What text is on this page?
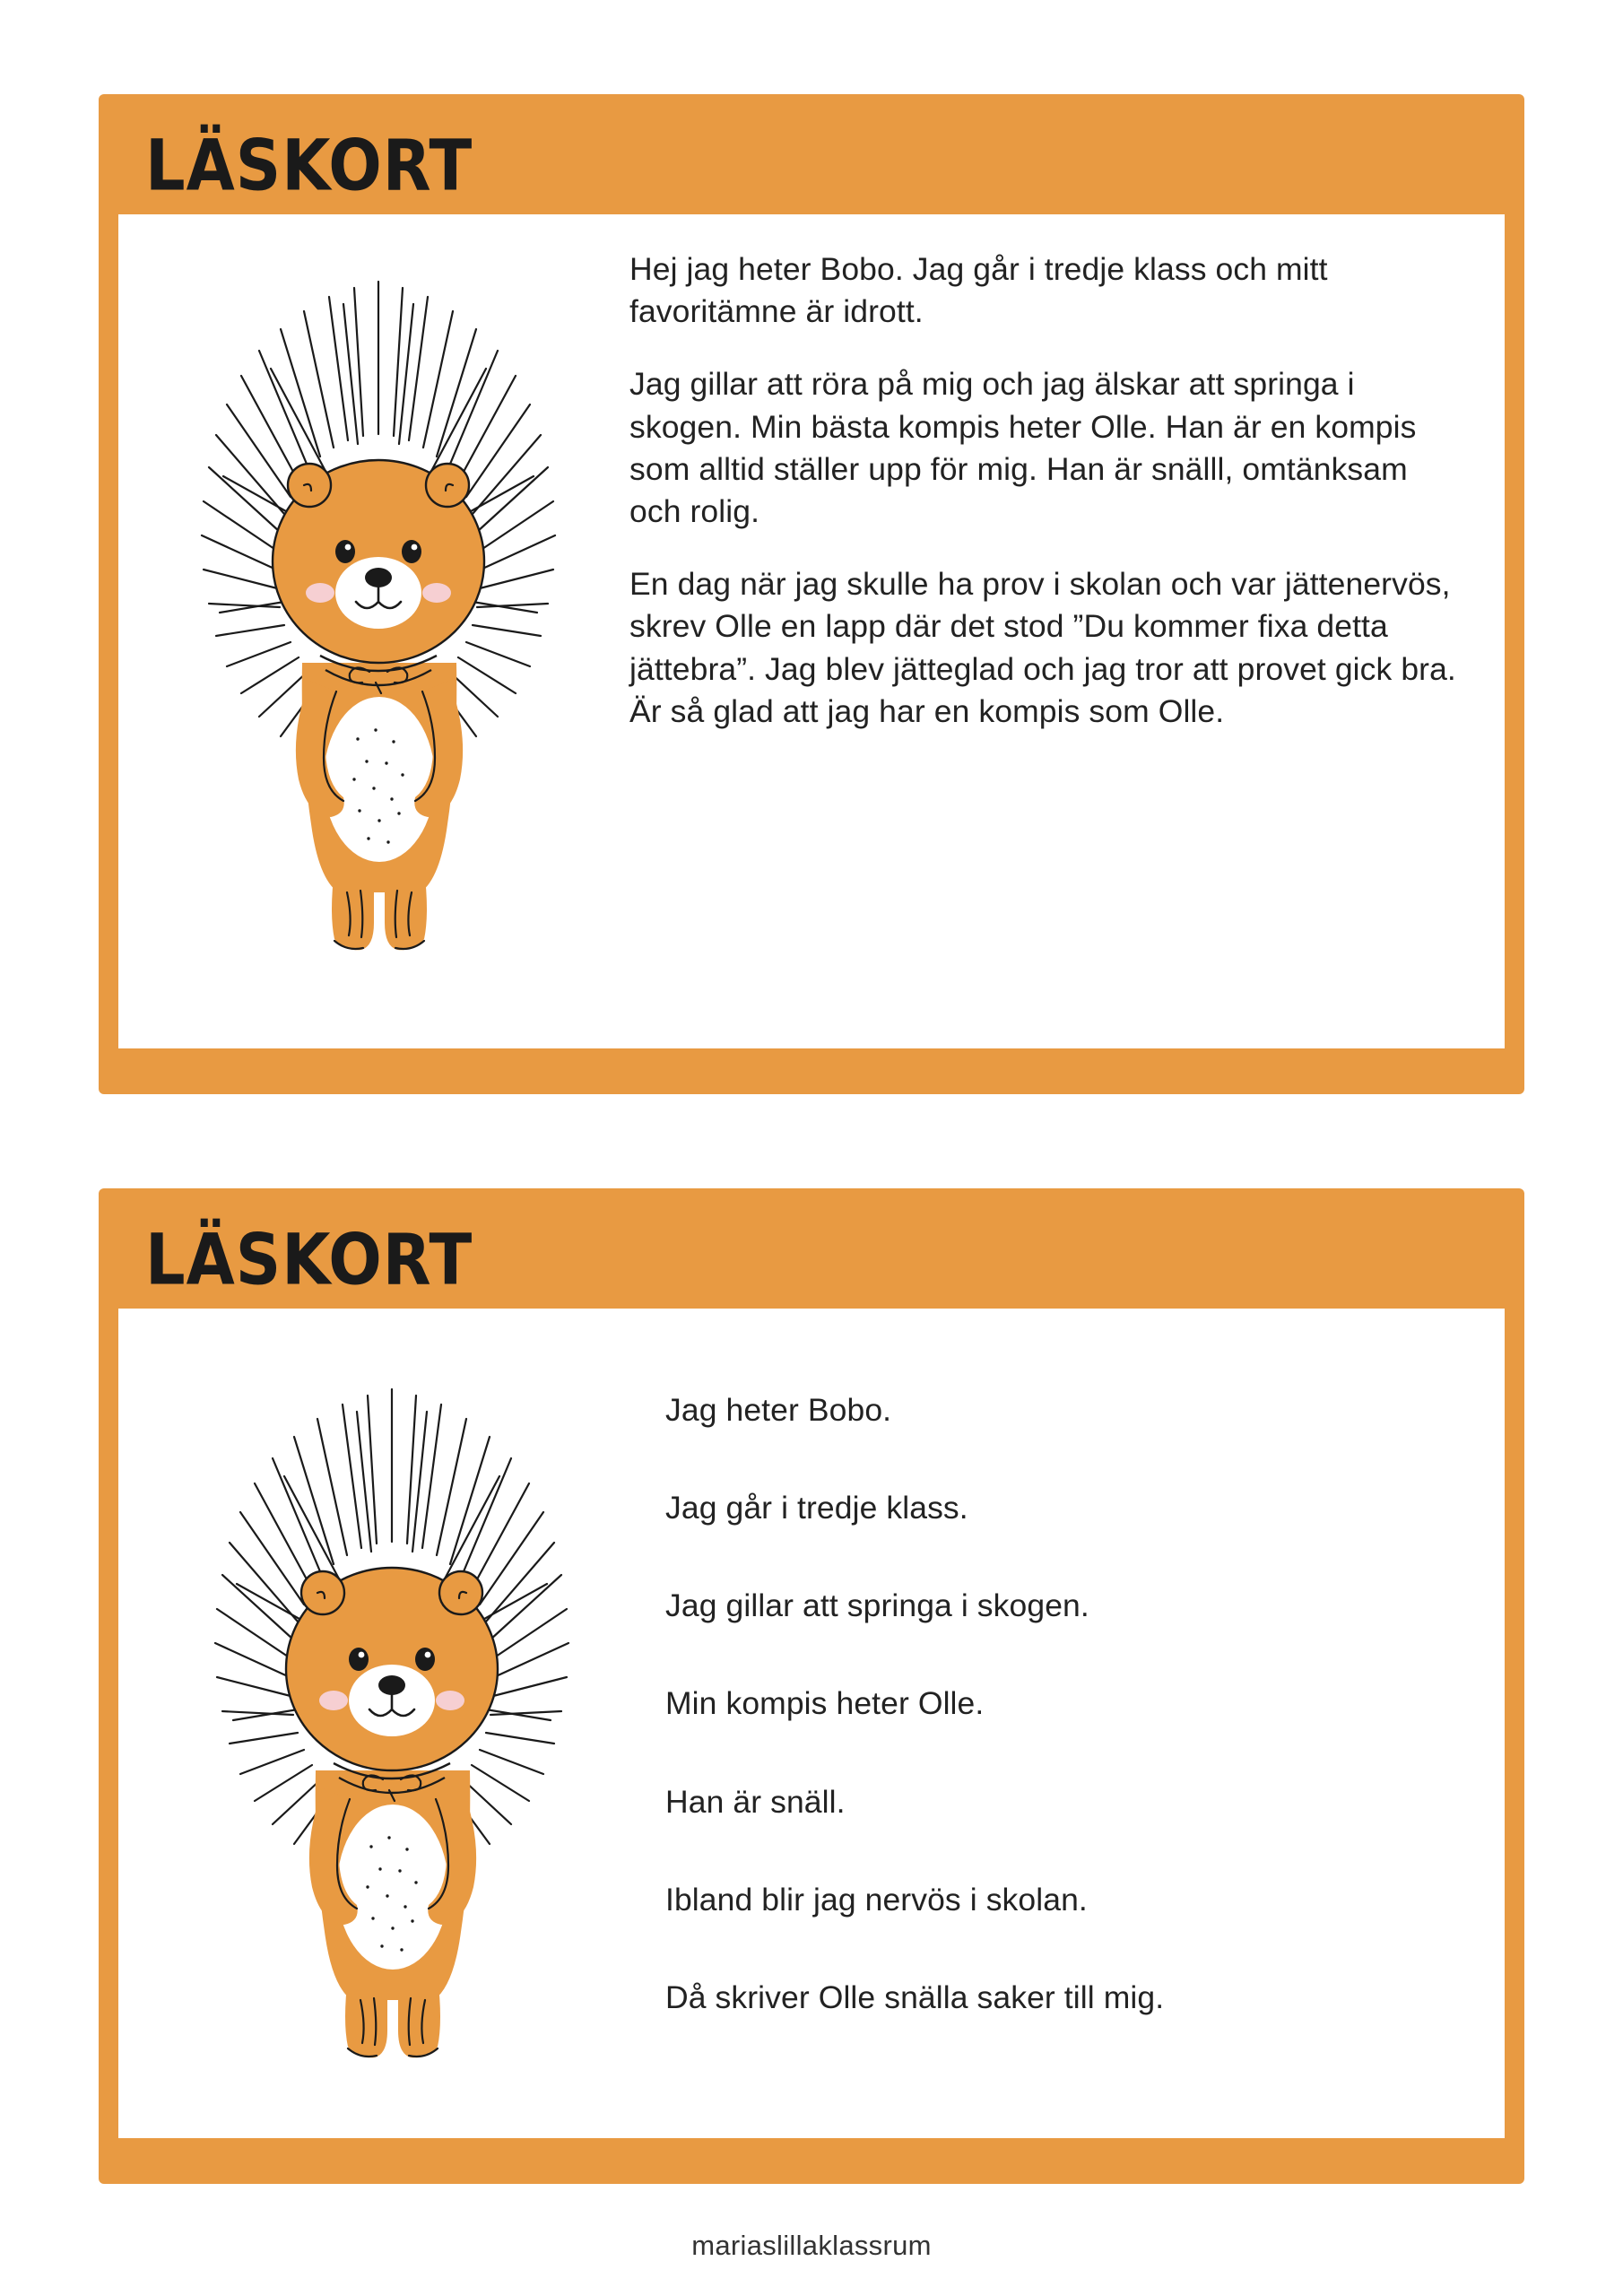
LÄSKORT

Hej jag heter Bobo. Jag går i tredje klass och mitt favoritämne är idrott.

Jag gillar att röra på mig och jag älskar att springa i skogen. Min bästa kompis heter Olle. Han är en kompis som alltid ställer upp för mig. Han är snälll, omtänksam och rolig.

En dag när jag skulle ha prov i skolan och var jättenervös, skrev Olle en lapp där det stod ”Du kommer fixa detta jättebra”. Jag blev jätteglad och jag tror att provet gick bra. Är så glad att jag har en kompis som Olle.

LÄSKORT

Jag heter Bobo.

Jag går i tredje klass.

Jag gillar att springa i skogen.

Min kompis heter Olle.

Han är snäll.

Ibland blir jag nervös i skolan.

Då skriver Olle snälla saker till mig.

mariaslillaklassrum
